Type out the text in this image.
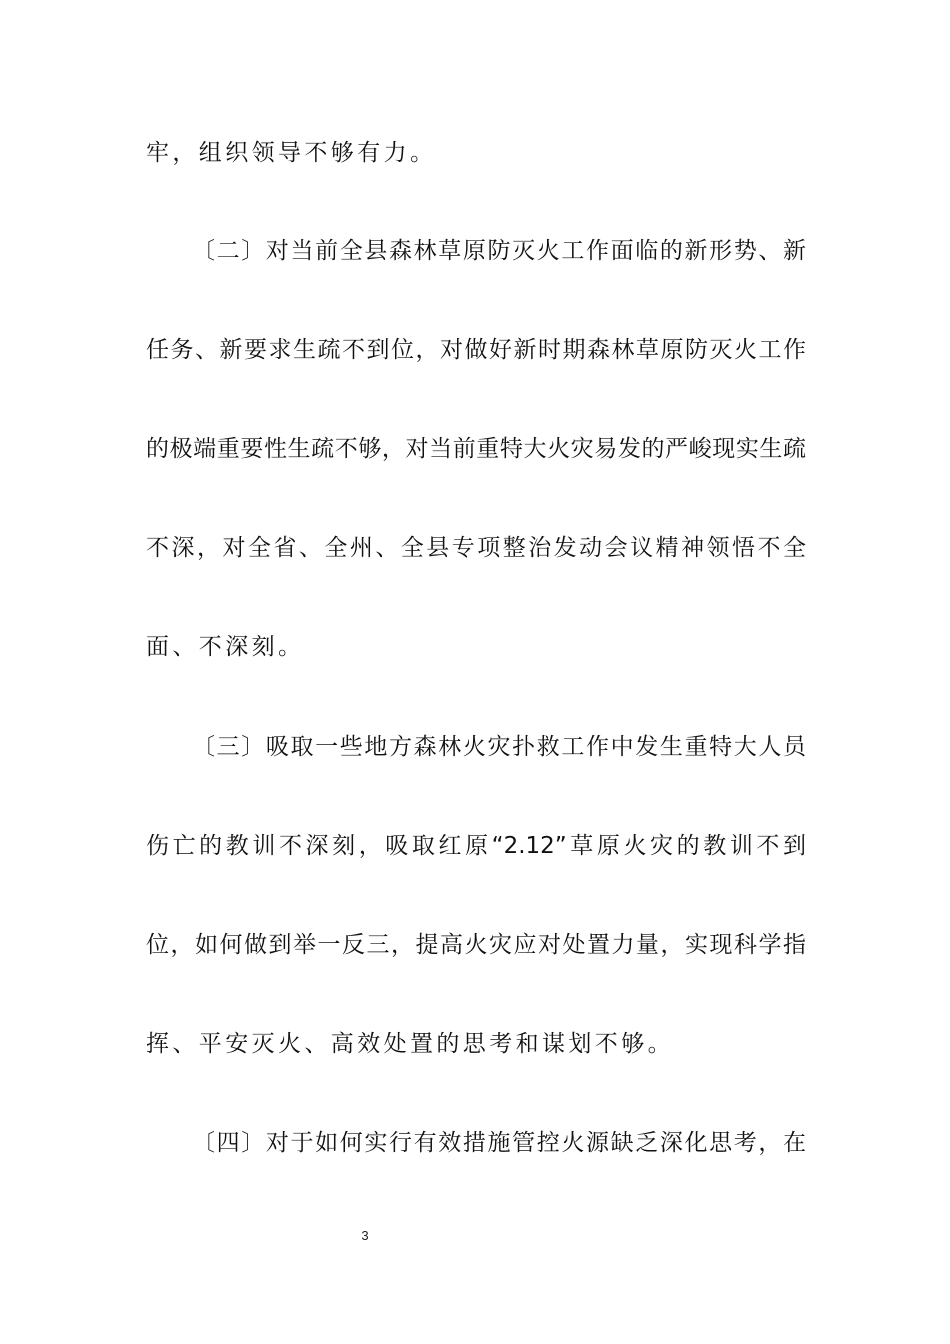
牢，组织领导不够有力。
〔二〕对当前全县森林草原防灭火工作面临的新形势、新
任务、新要求生疏不到位，对做好新时期森林草原防灭火工作
的极端重要性生疏不够，对当前重特大火灾易发的严峻现实生疏
不深，对全省、全州、全县专项整治发动会议精神领悟不全
面、不深刻。
〔三〕吸取一些地方森林火灾扑救工作中发生重特大人员
伤亡的教训不深刻，吸取红原“2.12”草原火灾的教训不到
位，如何做到举一反三，提高火灾应对处置力量，实现科学指
挥、平安灭火、高效处置的思考和谋划不够。
〔四〕对于如何实行有效措施管控火源缺乏深化思考，在
3
